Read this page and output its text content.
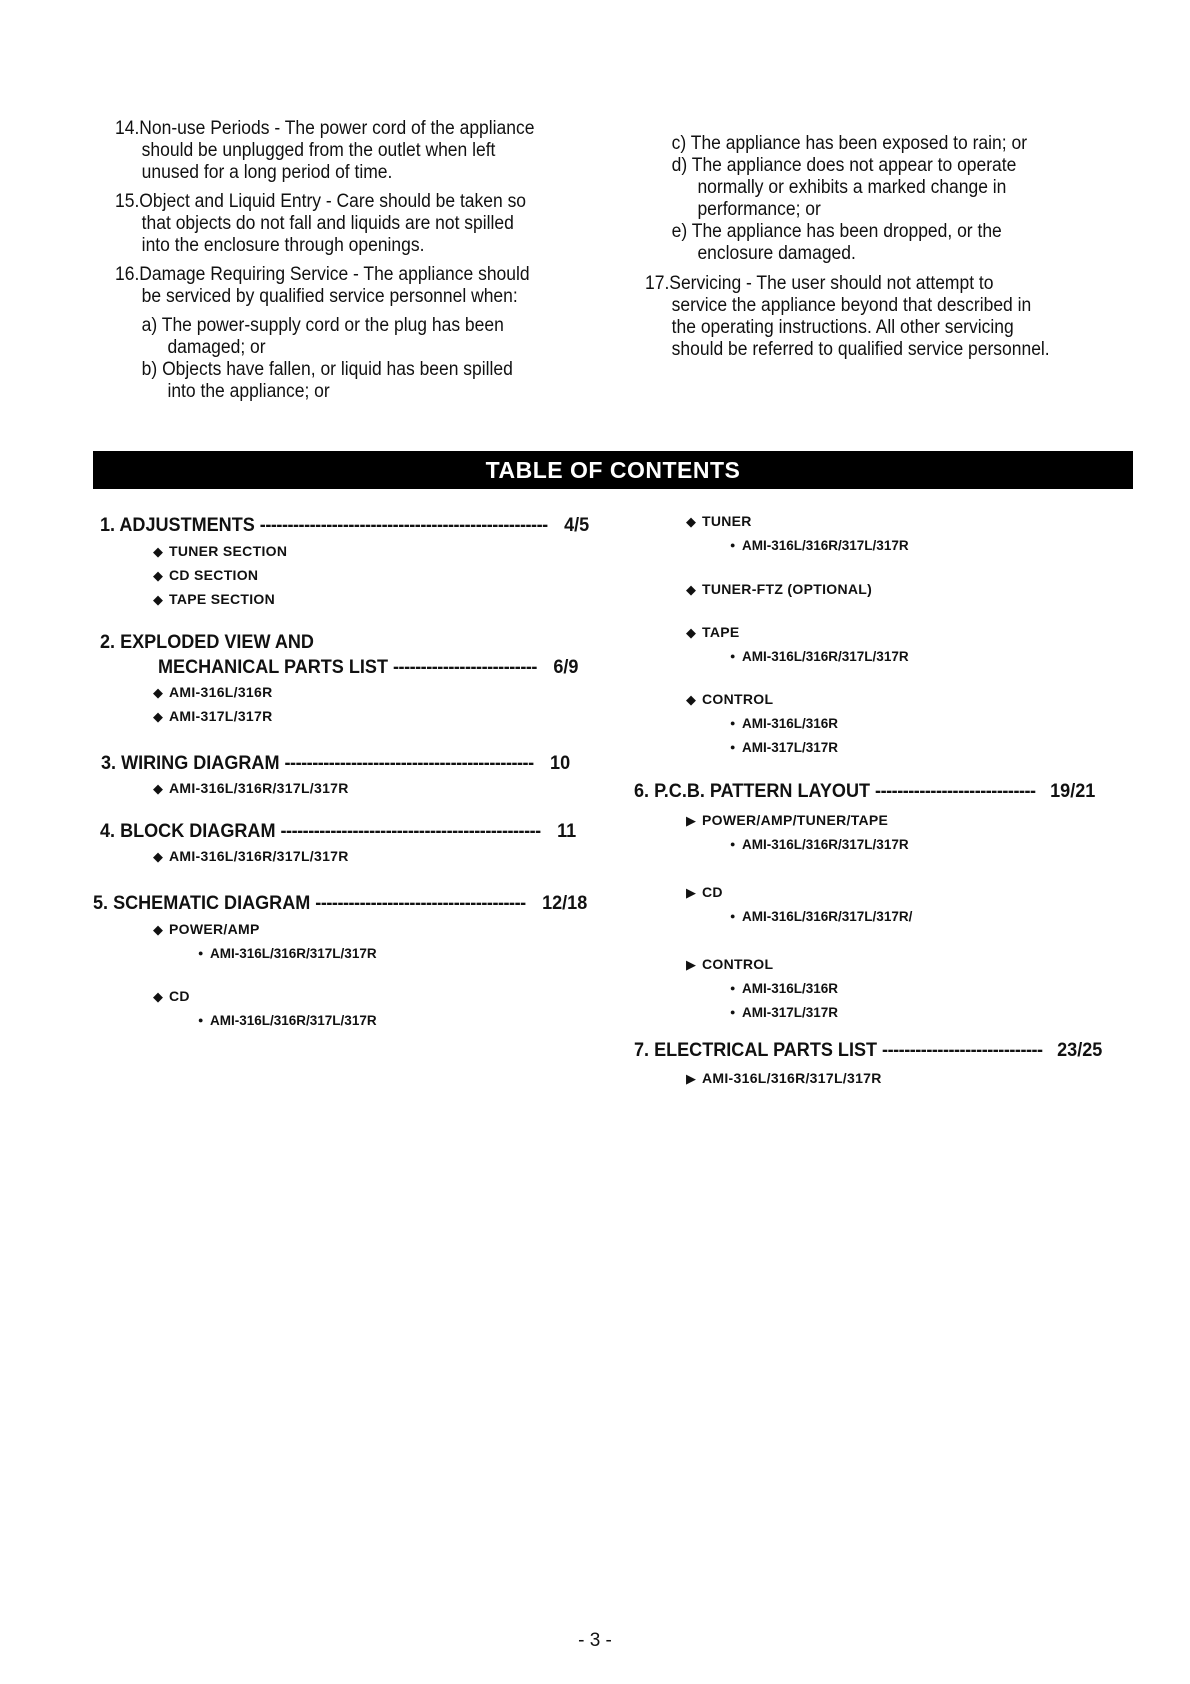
14.Non-use Periods - The power cord of the appliance
should be unplugged from the outlet when left
unused for a long period of time.
15.Object and Liquid Entry - Care should be taken so
that objects do not fall and liquids are not spilled
into the enclosure through openings.
16.Damage Requiring Service - The appliance should
be serviced by qualified service personnel when:
a) The power-supply cord or the plug has been
damaged; or
b) Objects have fallen, or liquid has been spilled
into the appliance; or
c) The appliance has been exposed to rain; or
d) The appliance does not appear to operate
normally or exhibits a marked change in
performance; or
e) The appliance has been dropped, or the
enclosure damaged.
17.Servicing - The user should not attempt to
service the appliance beyond that described in
the operating instructions. All other servicing
should be referred to qualified service personnel.
TABLE OF CONTENTS
1. ADJUSTMENTS ---------------------------------------------------- 4/5
◆ TUNER SECTION
◆ CD SECTION
◆ TAPE SECTION
2. EXPLODED VIEW AND
MECHANICAL PARTS LIST -------------------------- 6/9
◆ AMI-316L/316R
◆ AMI-317L/317R
3. WIRING DIAGRAM --------------------------------------------- 10
◆ AMI-316L/316R/317L/317R
4. BLOCK DIAGRAM ----------------------------------------------- 11
◆ AMI-316L/316R/317L/317R
5. SCHEMATIC DIAGRAM -------------------------------------- 12/18
◆ POWER/AMP
● AMI-316L/316R/317L/317R
◆ CD
● AMI-316L/316R/317L/317R
◆ TUNER
● AMI-316L/316R/317L/317R
◆ TUNER-FTZ (OPTIONAL)
◆ TAPE
● AMI-316L/316R/317L/317R
◆ CONTROL
● AMI-316L/316R
● AMI-317L/317R
6. P.C.B. PATTERN LAYOUT ----------------------------- 19/21
▶ POWER/AMP/TUNER/TAPE
● AMI-316L/316R/317L/317R
▶ CD
● AMI-316L/316R/317L/317R/
▶ CONTROL
● AMI-316L/316R
● AMI-317L/317R
7. ELECTRICAL PARTS LIST ----------------------------- 23/25
▶ AMI-316L/316R/317L/317R
- 3 -
